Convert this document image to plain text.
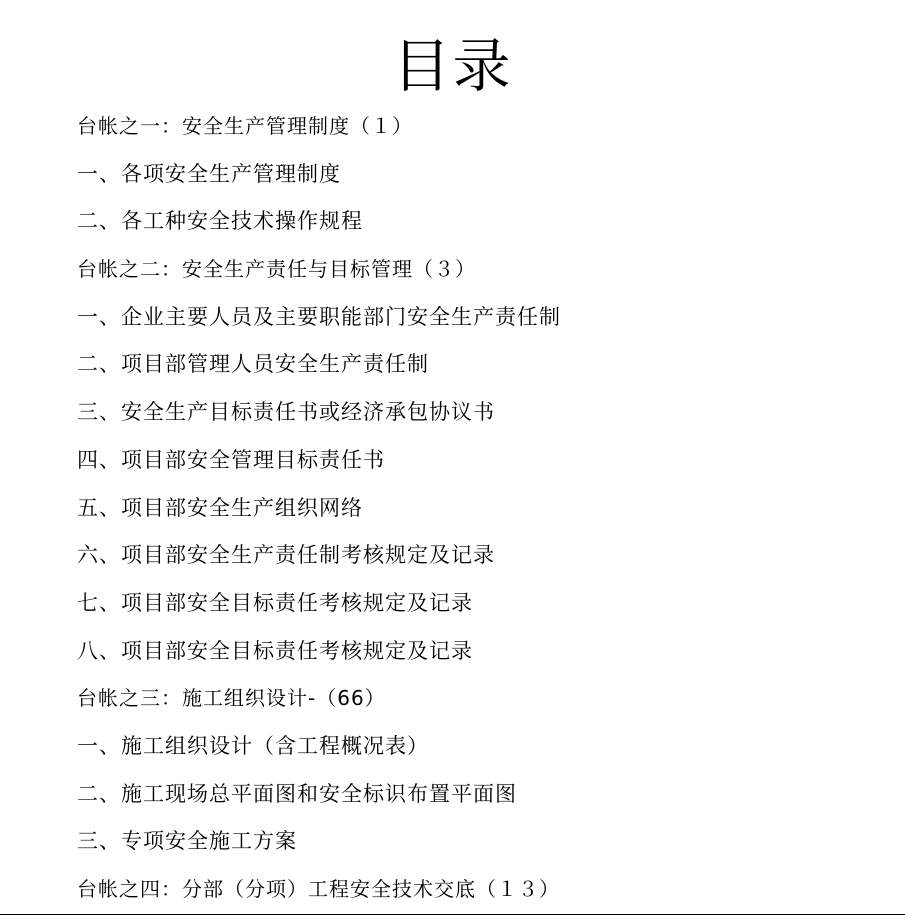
目录
台帐之一：安全生产管理制度（１）
一、各项安全生产管理制度
二、各工种安全技术操作规程
台帐之二：安全生产责任与目标管理（３）
一、企业主要人员及主要职能部门安全生产责任制
二、项目部管理人员安全生产责任制
三、安全生产目标责任书或经济承包协议书
四、项目部安全管理目标责任书
五、项目部安全生产组织网络
六、项目部安全生产责任制考核规定及记录
七、项目部安全目标责任考核规定及记录
八、项目部安全目标责任考核规定及记录
台帐之三：施工组织设计-（66）
一、施工组织设计（含工程概况表）
二、施工现场总平面图和安全标识布置平面图
三、专项安全施工方案
台帐之四：分部（分项）工程安全技术交底（１３）
